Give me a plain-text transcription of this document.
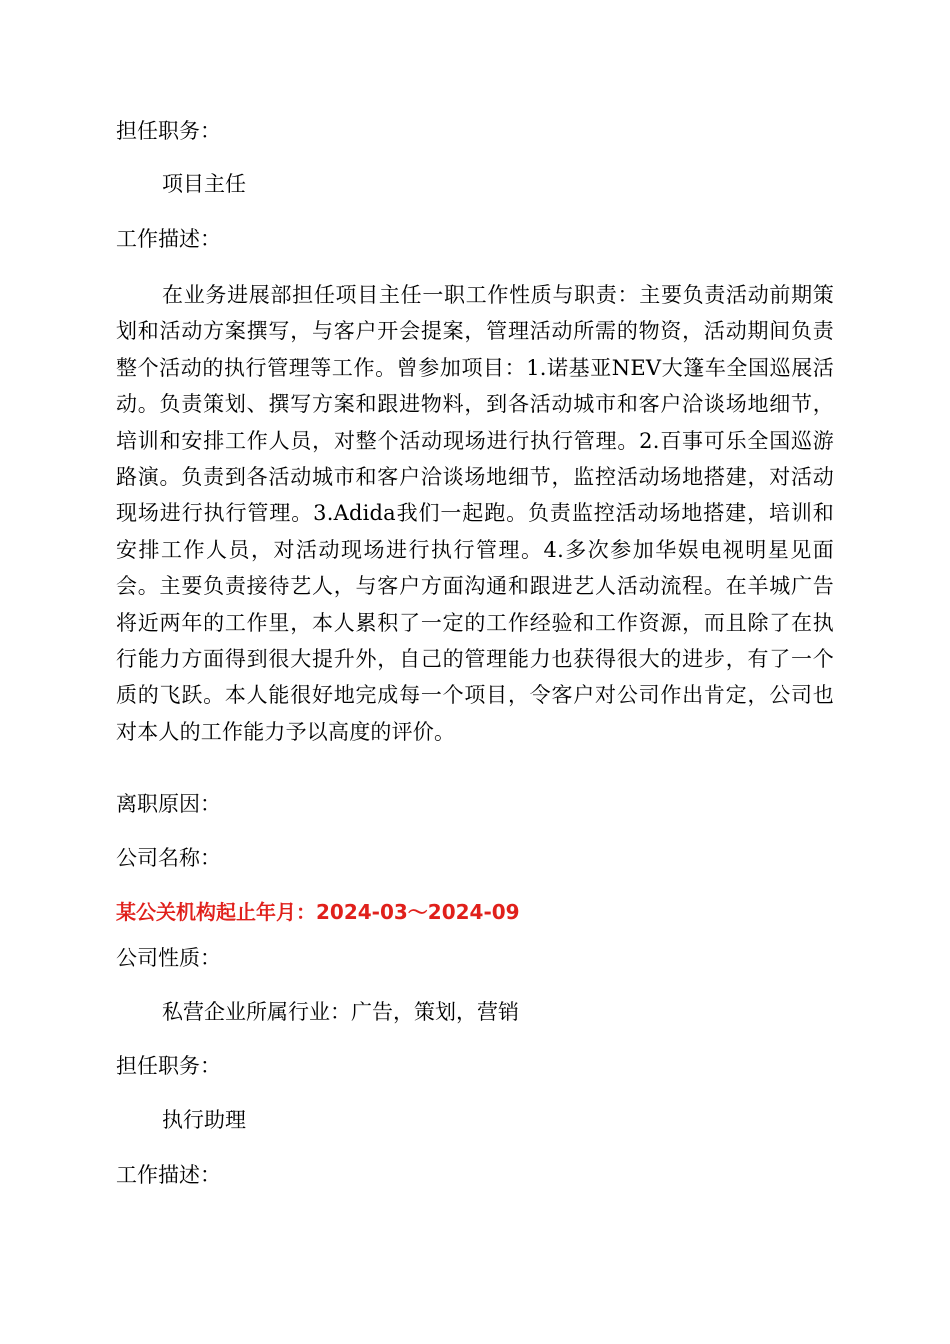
担任职务：
项目主任
工作描述：
在业务进展部担任项目主任一职工作性质与职责：主要负责活动前期策划和活动方案撰写，与客户开会提案，管理活动所需的物资，活动期间负责整个活动的执行管理等工作。曾参加项目：1.诺基亚NEV大篷车全国巡展活动。负责策划、撰写方案和跟进物料，到各活动城市和客户洽谈场地细节，培训和安排工作人员，对整个活动现场进行执行管理。2.百事可乐全国巡游路演。负责到各活动城市和客户洽谈场地细节，监控活动场地搭建，对活动现场进行执行管理。3.Adida我们一起跑。负责监控活动场地搭建，培训和安排工作人员，对活动现场进行执行管理。4.多次参加华娱电视明星见面会。主要负责接待艺人，与客户方面沟通和跟进艺人活动流程。在羊城广告将近两年的工作里，本人累积了一定的工作经验和工作资源，而且除了在执行能力方面得到很大提升外，自己的管理能力也获得很大的进步，有了一个质的飞跃。本人能很好地完成每一个项目，令客户对公司作出肯定，公司也对本人的工作能力予以高度的评价。
离职原因：
公司名称：
某公关机构起止年月：2024-03～2024-09
公司性质：
私营企业所属行业：广告，策划，营销
担任职务：
执行助理
工作描述：
